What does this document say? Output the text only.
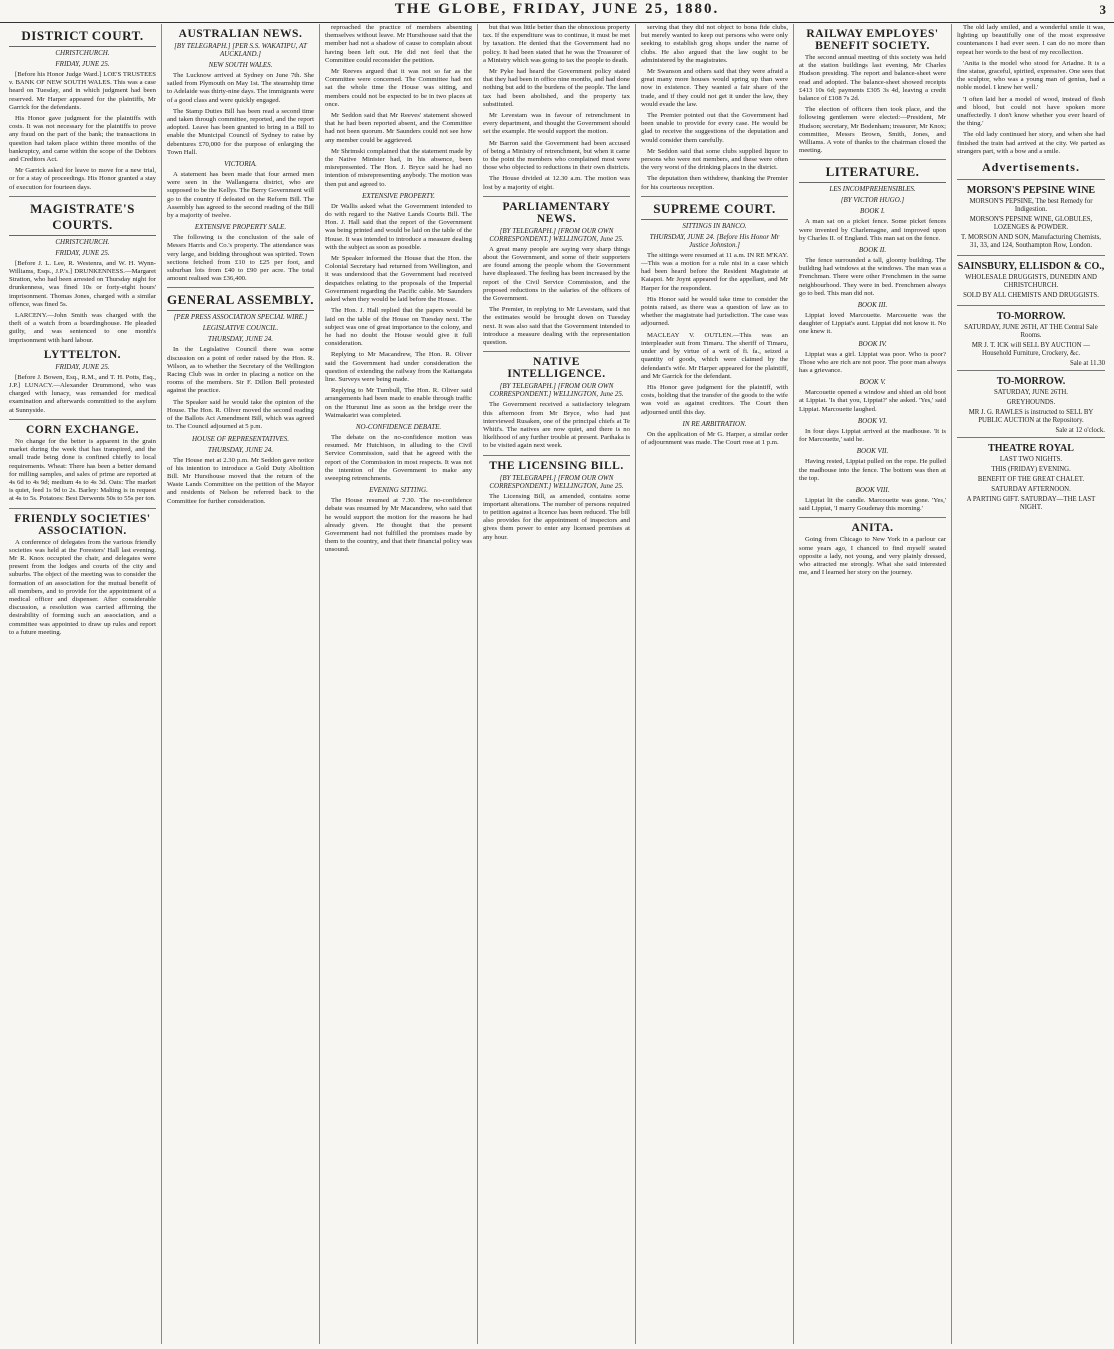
THE GLOBE, FRIDAY, JUNE 25, 1880.	3
DISTRICT COURT.
CHRISTCHURCH.
FRIDAY, JUNE 25.

[Before his Honor Judge Ward.] LOE'S TRUSTEES v. BANK OF NEW SOUTH WALES. This was a case heard on Tuesday, and in which judgment had been reserved. Mr Harper appeared for the plaintiffs, Mr Garrick for the defendants.

His Honor gave judgment for the plaintiffs with costs. It was not necessary for the plaintiffs to prove any fraud on the part of the bank; the transactions in question had taken place within three months of the bankruptcy, and came within the scope of the Debtors and Creditors Act.

Mr Garrick asked for leave to move for a new trial, or for a stay of proceedings. His Honor granted a stay of execution for fourteen days.

MAGISTRATE'S COURTS.
CHRISTCHURCH.
FRIDAY, JUNE 25.

[Before J. L. Lee, R. Westenra, and W. H. Wynn-Williams, Esqs., J.P.'s.] DRUNKENNESS.—Margaret Stratton, who had been arrested on Thursday night for drunkenness, was fined 10s or forty-eight hours' imprisonment. Thomas Jones, charged with a similar offence, was fined 5s.

LARCENY.—John Smith was charged with the theft of a watch from a boardinghouse. He pleaded guilty, and was sentenced to one month's imprisonment with hard labour.

LYTTELTON.
FRIDAY, JUNE 25.

[Before J. Bowen, Esq., R.M., and T. H. Potts, Esq., J.P.] LUNACY.—Alexander Drummond, who was charged with lunacy, was remanded for medical examination and afterwards committed to the asylum at Sunnyside.

CORN EXCHANGE.

No change for the better is apparent in the grain market during the week that has transpired, and the small trade being done is confined chiefly to local requirements. Wheat: There has been a better demand for milling samples, and sales of prime are reported at 4s 6d to 4s 9d; medium 4s to 4s 3d. Oats: The market is quiet, feed 1s 9d to 2s. Barley: Malting is in request at 4s to 5s. Potatoes: Best Derwents 50s to 55s per ton.

FRIENDLY SOCIETIES' ASSOCIATION.

A conference of delegates from the various friendly societies was held at the Foresters' Hall last evening. Mr R. Knox occupied the chair, and delegates were present from the lodges and courts of the city and suburbs. The object of the meeting was to consider the formation of an association for the mutual benefit of all members, and to provide for the appointment of a medical officer and dispenser. After considerable discussion, a resolution was carried affirming the desirability of forming such an association, and a committee was appointed to draw up rules and report to a future meeting.

AUSTRALIAN NEWS.
[BY TELEGRAPH.] [PER S.S. WAKATIPU, AT AUCKLAND.]
NEW SOUTH WALES.

The Lucknow arrived at Sydney on June 7th. She sailed from Plymouth on May 1st. The steamship time to Adelaide was thirty-nine days. The immigrants were of a good class and were quickly engaged.

The Stamp Duties Bill has been read a second time and taken through committee, reported, and the report adopted. Leave has been granted to bring in a Bill to enable the Municipal Council of Sydney to raise by debentures £70,000 for the purpose of enlarging the Town Hall.

VICTORIA.

A statement has been made that four armed men were seen in the Wallangarra district, who are supposed to be the Kellys. The Berry Government will go to the country if defeated on the Reform Bill. The Assembly has agreed to the second reading of the Bill by a majority of twelve.

EXTENSIVE PROPERTY SALE.

The following is the conclusion of the sale of Messrs Harris and Co.'s property. The attendance was very large, and bidding throughout was spirited. Town sections fetched from £10 to £25 per foot, and suburban lots from £40 to £90 per acre. The total amount realised was £36,400.

GENERAL ASSEMBLY.
[PER PRESS ASSOCIATION SPECIAL WIRE.]
LEGISLATIVE COUNCIL.
THURSDAY, JUNE 24.

In the Legislative Council there was some discussion on a point of order raised by the Hon. R. Wilson, as to whether the Secretary of the Wellington Racing Club was in order in placing a notice on the rooms of the members. Sir F. Dillon Bell protested against the practice.

The Speaker said he would take the opinion of the House. The Hon. R. Oliver moved the second reading of the Ballots Act Amendment Bill, which was agreed to. The Council adjourned at 5 p.m.

HOUSE OF REPRESENTATIVES.
THURSDAY, JUNE 24.

The House met at 2.30 p.m. Mr Seddon gave notice of his intention to introduce a Gold Duty Abolition Bill. Mr Hursthouse moved that the return of the Waste Lands Committee on the petition of the Mayor and residents of Nelson be referred back to the Committee for further consideration.

reproached the practice of members absenting themselves without leave. Mr Hursthouse said that the member had not a shadow of cause to complain about having been left out. He did not feel that the Committee could reconsider the petition.

Mr Reeves argued that it was not so far as the Committee were concerned. The Committee had not sat the whole time the House was sitting, and members could not be expected to be in two places at once.

Mr Seddon said that Mr Reeves' statement showed that he had been reported absent, and the Committee had not been quorum. Mr Saunders could not see how any member could be aggrieved.

Mr Shrimski complained that the statement made by the Native Minister had, in his absence, been misrepresented. The Hon. J. Bryce said he had no intention of misrepresenting anybody. The motion was then put and agreed to.

EXTENSIVE PROPERTY.

Dr Wallis asked what the Government intended to do with regard to the Native Lands Courts Bill. The Hon. J. Hall said that the report of the Government was being printed and would be laid on the table of the House. It was intended to introduce a measure dealing with the subject as soon as possible.

Mr Speaker informed the House that the Hon. the Colonial Secretary had returned from Wellington, and it was understood that the Government had received despatches relating to the proposals of the Imperial Government regarding the Pacific cable. Mr Saunders asked when they would be laid before the House.

The Hon. J. Hall replied that the papers would be laid on the table of the House on Tuesday next. The subject was one of great importance to the colony, and he had no doubt the House would give it full consideration.

Replying to Mr Macandrew, The Hon. R. Oliver said the Government had under consideration the question of extending the railway from the Kaitangata line. Surveys were being made.

Replying to Mr Turnbull, The Hon. R. Oliver said arrangements had been made to enable through traffic on the Hurunui line as soon as the bridge over the Waimakariri was completed.

NO-CONFIDENCE DEBATE.

The debate on the no-confidence motion was resumed. Mr Hutchison, in alluding to the Civil Service Commission, said that he agreed with the report of the Commission in most respects. It was not the intention of the Government to make any sweeping retrenchments.

EVENING SITTING.

The House resumed at 7.30. The no-confidence debate was resumed by Mr Macandrew, who said that he would support the motion for the reasons he had already given. He thought that the present Government had not fulfilled the promises made by them to the country, and that their financial policy was unsound.

but that was little better than the obnoxious property tax. If the expenditure was to continue, it must be met by taxation. He denied that the Government had no policy. It had been stated that he was the Treasurer of a Ministry which was going to tax the people to death.

Mr Pyke had heard the Government policy stated that they had been in office nine months, and had done nothing but add to the burdens of the people. The land tax had been abolished, and the property tax substituted.

Mr Levestam was in favour of retrenchment in every department, and thought the Government should set the example. He would support the motion.

Mr Barron said the Government had been accused of being a Ministry of retrenchment, but when it came to the point the members who complained most were those who objected to reductions in their own districts.

The House divided at 12.30 a.m. The motion was lost by a majority of eight.

PARLIAMENTARY NEWS.
[BY TELEGRAPH.] [FROM OUR OWN CORRESPONDENT.] WELLINGTON, June 25.

A great many people are saying very sharp things about the Government, and some of their supporters are found among the people whom the Government have displeased. The feeling has been increased by the report of the Civil Service Commission, and the proposed reductions in the salaries of the officers of the Government.

The Premier, in replying to Mr Levestam, said that the estimates would be brought down on Tuesday next. It was also said that the Government intended to introduce a measure dealing with the representation question.

NATIVE INTELLIGENCE.
[BY TELEGRAPH.] [FROM OUR OWN CORRESPONDENT.] WELLINGTON, June 25.

The Government received a satisfactory telegram this afternoon from Mr Bryce, who had just interviewed Rusaken, one of the principal chiefs at Te Whiti's. The natives are now quiet, and there is no likelihood of any further trouble at present. Parihaka is to be visited again next week.

THE LICENSING BILL.
[BY TELEGRAPH.] [FROM OUR OWN CORRESPONDENT.] WELLINGTON, June 25.

The Licensing Bill, as amended, contains some important alterations. The number of persons required to petition against a licence has been reduced. The bill also provides for the appointment of inspectors and gives them power to enter any licensed premises at any hour.

serving that they did not object to bona fide clubs, but merely wanted to keep out persons who were only seeking to establish grog shops under the name of clubs. He also argued that the law ought to be administered by the magistrates.

Mr Swanson and others said that they were afraid a great many more houses would spring up than were now in existence. They wanted a fair share of the trade, and if they could not get it under the law, they would evade the law.

The Premier pointed out that the Government had been unable to provide for every case. He would be glad to receive the suggestions of the deputation and would consider them carefully.

Mr Seddon said that some clubs supplied liquor to persons who were not members, and these were often the very worst of the drinking places in the district.

The deputation then withdrew, thanking the Premier for his courteous reception.

SUPREME COURT.
SITTINGS IN BANCO.
THURSDAY, JUNE 24. [Before His Honor Mr Justice Johnston.]

The sittings were resumed at 11 a.m. IN RE M'KAY.—This was a motion for a rule nisi in a case which had been heard before the Resident Magistrate at Kaiapoi. Mr Joynt appeared for the appellant, and Mr Harper for the respondent.

His Honor said he would take time to consider the points raised, as there was a question of law as to whether the magistrate had jurisdiction. The case was adjourned.

MACLEAY V. OUTLEN.—This was an interpleader suit from Timaru. The sheriff of Timaru, under and by virtue of a writ of fi. fa., seized a quantity of goods, which were claimed by the defendant's wife. Mr Harper appeared for the plaintiff, and Mr Garrick for the defendant.

His Honor gave judgment for the plaintiff, with costs, holding that the transfer of the goods to the wife was void as against creditors. The Court then adjourned until this day.

IN RE ARBITRATION.

On the application of Mr G. Harper, a similar order of adjournment was made. The Court rose at 1 p.m.

RAILWAY EMPLOYES' BENEFIT SOCIETY.

The second annual meeting of this society was held at the station buildings last evening, Mr Charles Hudson presiding. The report and balance-sheet were read and adopted. The balance-sheet showed receipts £413 10s 6d; payments £305 3s 4d, leaving a credit balance of £108 7s 2d.

The election of officers then took place, and the following gentlemen were elected:—President, Mr Hudson; secretary, Mr Bodenham; treasurer, Mr Knox; committee, Messrs Brown, Smith, Jones, and Williams. A vote of thanks to the chairman closed the meeting.

LITERATURE.
LES INCOMPREHENSIBLES.
[BY VICTOR HUGO.]
BOOK I.

A man sat on a picket fence. Some picket fences were invented by Charlemagne, and improved upon by Charles II. of England. This man sat on the fence.

BOOK II.

The fence surrounded a tall, gloomy building. The building had windows at the windows. The man was a Frenchman. There were other Frenchmen in the same neighbourhood. They were in bed. Frenchmen always go to bed. This man did not.

BOOK III.

Lippiat loved Marcouette. Marcouette was the daughter of Lippiat's aunt. Lippiat did not know it. No one knew it.

BOOK IV.

Lippiat was a girl. Lippiat was poor. Who is poor? Those who are rich are not poor. The poor man always has a grievance.

BOOK V.

Marcouette opened a window and shied an old boot at Lippiat. 'Is that you, Lippiat?' she asked. 'Yes,' said Lippiat. Marcouette laughed.

BOOK VI.

In four days Lippiat arrived at the madhouse. 'It is for Marcouette,' said he.

BOOK VII.

Having rested, Lippiat pulled on the rope. He pulled the madhouse into the fence. The bottom was then at the top.

BOOK VIII.

Lippiat lit the candle. Marcouette was gone. 'Yes,' said Lippiat, 'I marry Goudenay this morning.'

ANITA.

Going from Chicago to New York in a parlour car some years ago, I chanced to find myself seated opposite a lady, not young, and very plainly dressed, who attracted me strongly. What she said interested me, and I learned her story on the journey.

The old lady smiled, and a wonderful smile it was, lighting up beautifully one of the most expressive countenances I had ever seen. I can do no more than repeat her words to the best of my recollection.

'Anita is the model who stood for Ariadne. It is a fine statue, graceful, spirited, expressive. One sees that the sculptor, who was a young man of genius, had a noble model. I knew her well.'

'I often laid her a model of wood, instead of flesh and blood, but could not have spoken more unaffectedly. I don't know whether you ever heard of the thing.'

The old lady continued her story, and when she had finished the train had arrived at the city. We parted as strangers part, with a bow and a smile.

Advertisements.
MORSON'S PEPSINE WINE

MORSON'S PEPSINE, The best Remedy for Indigestion.

MORSON'S PEPSINE WINE, GLOBULES, LOZENGES & POWDER.

T. MORSON AND SON, Manufacturing Chemists, 31, 33, and 124, Southampton Row, London.

SAINSBURY, ELLISDON & CO.,

WHOLESALE DRUGGISTS, DUNEDIN AND CHRISTCHURCH.

SOLD BY ALL CHEMISTS AND DRUGGISTS.

TO-MORROW.

SATURDAY, JUNE 26TH, AT THE Central Sale Rooms.

MR J. T. ICK will SELL BY AUCTION — Household Furniture, Crockery, &c.

Sale at 11.30
TO-MORROW.

SATURDAY, JUNE 26TH.

GREYHOUNDS.

MR J. G. RAWLES is instructed to SELL BY PUBLIC AUCTION at the Repository.

Sale at 12 o'clock.
THEATRE ROYAL

LAST TWO NIGHTS.

THIS (FRIDAY) EVENING.

BENEFIT OF THE GREAT CHALET.

SATURDAY AFTERNOON.

A PARTING GIFT. SATURDAY—THE LAST NIGHT.
